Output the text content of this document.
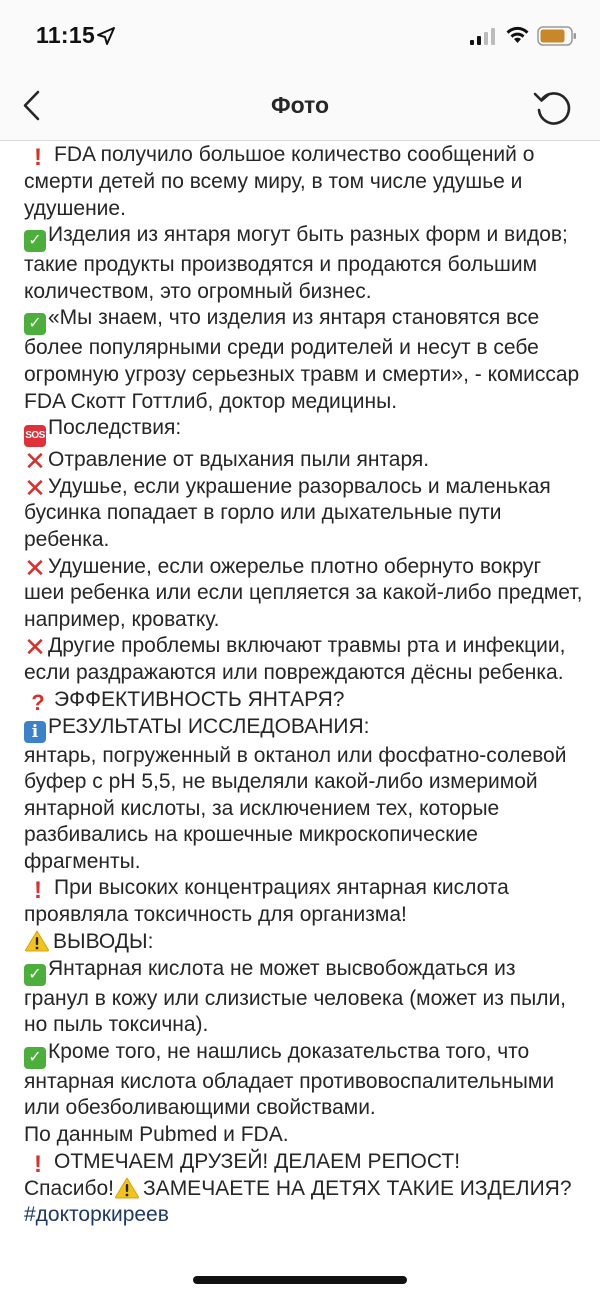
11:15
Фото

! FDA получило большое количество сообщений о смерти детей по всему миру, в том числе удушье и удушение.

✓ Изделия из янтаря могут быть разных форм и видов; такие продукты производятся и продаются большим количеством, это огромный бизнес.

✓ «Мы знаем, что изделия из янтаря становятся все более популярными среди родителей и несут в себе огромную угрозу серьезных травм и смерти», - комиссар FDA Скотт Готтлиб, доктор медицины.

SOS Последствия:

✕ Отравление от вдыхания пыли янтаря.

✕ Удушье, если украшение разорвалось и маленькая бусинка попадает в горло или дыхательные пути ребенка.

✕ Удушение, если ожерелье плотно обернуто вокруг шеи ребенка или если цепляется за какой-либо предмет, например, кроватку.

✕ Другие проблемы включают травмы рта и инфекции, если раздражаются или повреждаются дёсны ребенка.

? ЭФФЕКТИВНОСТЬ ЯНТАРЯ?

i РЕЗУЛЬТАТЫ ИССЛЕДОВАНИЯ:

янтарь, погруженный в октанол или фосфатно-солевой буфер с pH 5,5, не выделяли какой-либо измеримой янтарной кислоты, за исключением тех, которые разбивались на крошечные микроскопические фрагменты.

! При высоких концентрациях янтарная кислота проявляла токсичность для организма!

ВЫВОДЫ:

✓ Янтарная кислота не может высвобождаться из гранул в кожу или слизистые человека (может из пыли, но пыль токсична).

✓ Кроме того, не нашлись доказательства того, что янтарная кислота обладает противовоспалительными или обезболивающими свойствами.

По данным Pubmed и FDA.

! ОТМЕЧАЕМ ДРУЗЕЙ! ДЕЛАЕМ РЕПОСТ!

Спасибо! ЗАМЕЧАЕТЕ НА ДЕТЯХ ТАКИЕ ИЗДЕЛИЯ?#докторкиреев
